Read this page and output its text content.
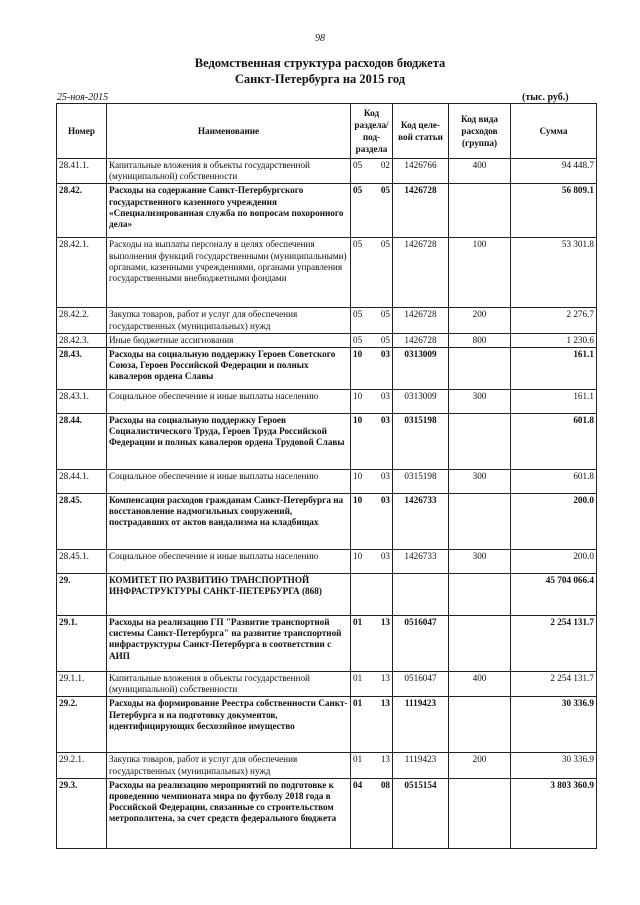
98
Ведомственная структура расходов бюджета
Санкт-Петербурга на 2015 год
25-ноя-2015	(тыс. руб.)
Номер	Наименование	Код раздела/ под- раздела	Код целе- вой статьи	Код вида расходов (группа)	Сумма
28.41.1.	Капитальные вложения в объекты государственной (муниципальной) собственности	05 02	1426766	400	94 448.7
28.42.	Расходы на содержание Санкт-Петербургского государственного казенного учреждения «Специализированная служба по вопросам похоронного дела»	05 05	1426728		56 809.1
28.42.1.	Расходы на выплаты персоналу в целях обеспечения выполнения функций государственными (муниципальными) органами, казенными учреждениями, органами управления государственными внебюджетными фондами	05 05	1426728	100	53 301.8
28.42.2.	Закупка товаров, работ и услуг для обеспечения государственных (муниципальных) нужд	05 05	1426728	200	2 276.7
28.42.3.	Иные бюджетные ассигнования	05 05	1426728	800	1 230.6
28.43.	Расходы на социальную поддержку Героев Советского Союза, Героев Российской Федерации и полных кавалеров ордена Славы	10 03	0313009		161.1
28.43.1.	Социальное обеспечение и иные выплаты населению	10 03	0313009	300	161.1
28.44.	Расходы на социальную поддержку Героев Социалистического Труда, Героев Труда Российской Федерации и полных кавалеров ордена Трудовой Славы	10 03	0315198		601.8
28.44.1.	Социальное обеспечение и иные выплаты населению	10 03	0315198	300	601.8
28.45.	Компенсация расходов гражданам Санкт-Петербурга на восстановление надмогильных сооружений, пострадавших от актов вандализма на кладбищах	10 03	1426733		200.0
28.45.1.	Социальное обеспечение и иные выплаты населению	10 03	1426733	300	200.0
29.	КОМИТЕТ ПО РАЗВИТИЮ ТРАНСПОРТНОЙ ИНФРАСТРУКТУРЫ САНКТ-ПЕТЕРБУРГА (868)				45 704 066.4
29.1.	Расходы на реализацию ГП "Развитие транспортной системы Санкт-Петербурга" на развитие транспортной инфраструктуры Санкт-Петербурга в соответствии с АИП	01 13	0516047		2 254 131.7
29.1.1.	Капитальные вложения в объекты государственной (муниципальной) собственности	01 13	0516047	400	2 254 131.7
29.2.	Расходы на формирование Реестра собственности Санкт-Петербурга и на подготовку документов, идентифицирующих бесхозяйное имущество	01 13	1119423		30 336.9
29.2.1.	Закупка товаров, работ и услуг для обеспечения государственных (муниципальных) нужд	01 13	1119423	200	30 336.9
29.3.	Расходы на реализацию мероприятий по подготовке к проведению чемпионата мира по футболу 2018 года в Российской Федерации, связанные со строительством метрополитена, за счет средств федерального бюджета	04 08	0515154		3 803 360.9
